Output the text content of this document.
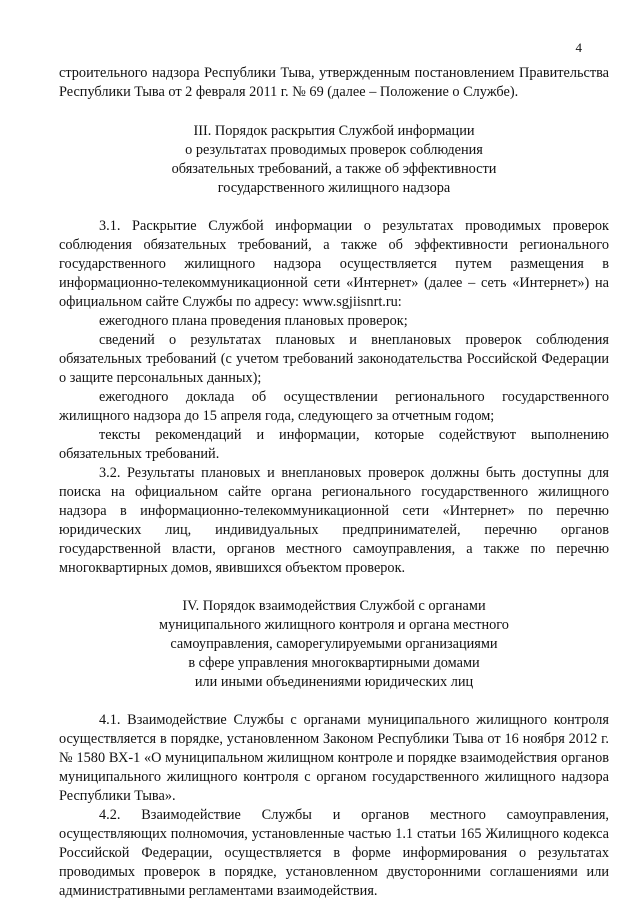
4

строительного надзора Республики Тыва, утвержденным постановлением Правительства Республики Тыва от 2 февраля 2011 г. № 69 (далее – Положение о Службе).

III. Порядок раскрытия Службой информации
о результатах проводимых проверок соблюдения
обязательных требований, а также об эффективности
государственного жилищного надзора

3.1. Раскрытие Службой информации о результатах проводимых проверок соблюдения обязательных требований, а также об эффективности регионального государственного жилищного надзора осуществляется путем размещения в информационно-телекоммуникационной сети «Интернет» (далее – сеть «Интернет») на официальном сайте Службы по адресу: www.sgjiisnrt.ru:

ежегодного плана проведения плановых проверок;

сведений о результатах плановых и внеплановых проверок соблюдения обязательных требований (с учетом требований законодательства Российской Федерации о защите персональных данных);

ежегодного доклада об осуществлении регионального государственного жилищного надзора до 15 апреля года, следующего за отчетным годом;

тексты рекомендаций и информации, которые содействуют выполнению обязательных требований.

3.2. Результаты плановых и внеплановых проверок должны быть доступны для поиска на официальном сайте органа регионального государственного жилищного надзора в информационно-телекоммуникационной сети «Интернет» по перечню юридических лиц, индивидуальных предпринимателей, перечню органов государственной власти, органов местного самоуправления, а также по перечню многоквартирных домов, явившихся объектом проверок.

IV. Порядок взаимодействия Службой с органами
муниципального жилищного контроля и органа местного
самоуправления, саморегулируемыми организациями
в сфере управления многоквартирными домами
или иными объединениями юридических лиц

4.1. Взаимодействие Службы с органами муниципального жилищного контроля осуществляется в порядке, установленном Законом Республики Тыва от 16 ноября 2012 г. № 1580 ВХ-1 «О муниципальном жилищном контроле и порядке взаимодействия органов муниципального жилищного контроля с органом государственного жилищного надзора Республики Тыва».

4.2. Взаимодействие Службы и органов местного самоуправления, осуществляющих полномочия, установленные частью 1.1 статьи 165 Жилищного кодекса Российской Федерации, осуществляется в форме информирования о результатах проводимых проверок в порядке, установленном двусторонними соглашениями или административными регламентами взаимодействия.
